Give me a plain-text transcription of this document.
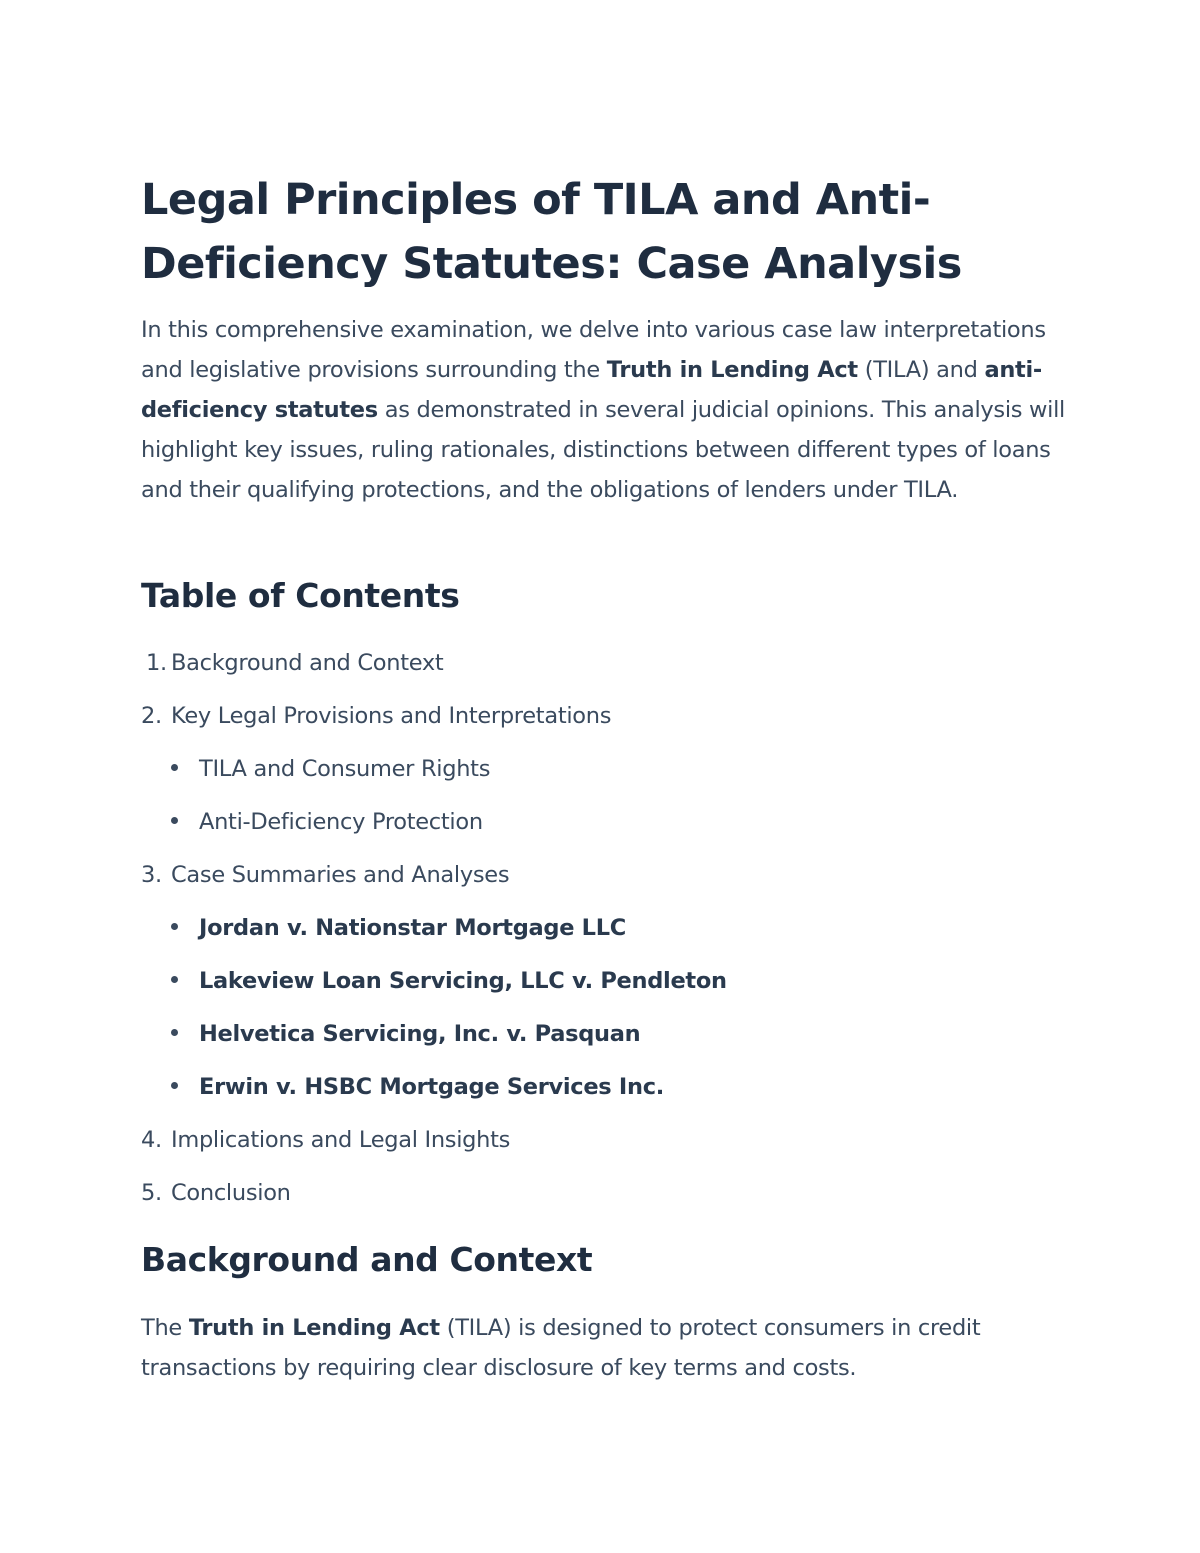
Legal Principles of TILA and Anti-Deficiency Statutes: Case Analysis

In this comprehensive examination, we delve into various case law interpretations and legislative provisions surrounding the Truth in Lending Act (TILA) and anti-deficiency statutes as demonstrated in several judicial opinions. This analysis will highlight key issues, ruling rationales, distinctions between different types of loans and their qualifying protections, and the obligations of lenders under TILA.

Table of Contents
1. Background and Context
2. Key Legal Provisions and Interpretations
TILA and Consumer Rights
Anti-Deficiency Protection
3. Case Summaries and Analyses
Jordan v. Nationstar Mortgage LLC
Lakeview Loan Servicing, LLC v. Pendleton
Helvetica Servicing, Inc. v. Pasquan
Erwin v. HSBC Mortgage Services Inc.
4. Implications and Legal Insights
5. Conclusion
Background and Context

The Truth in Lending Act (TILA) is designed to protect consumers in credit transactions by requiring clear disclosure of key terms and costs.
